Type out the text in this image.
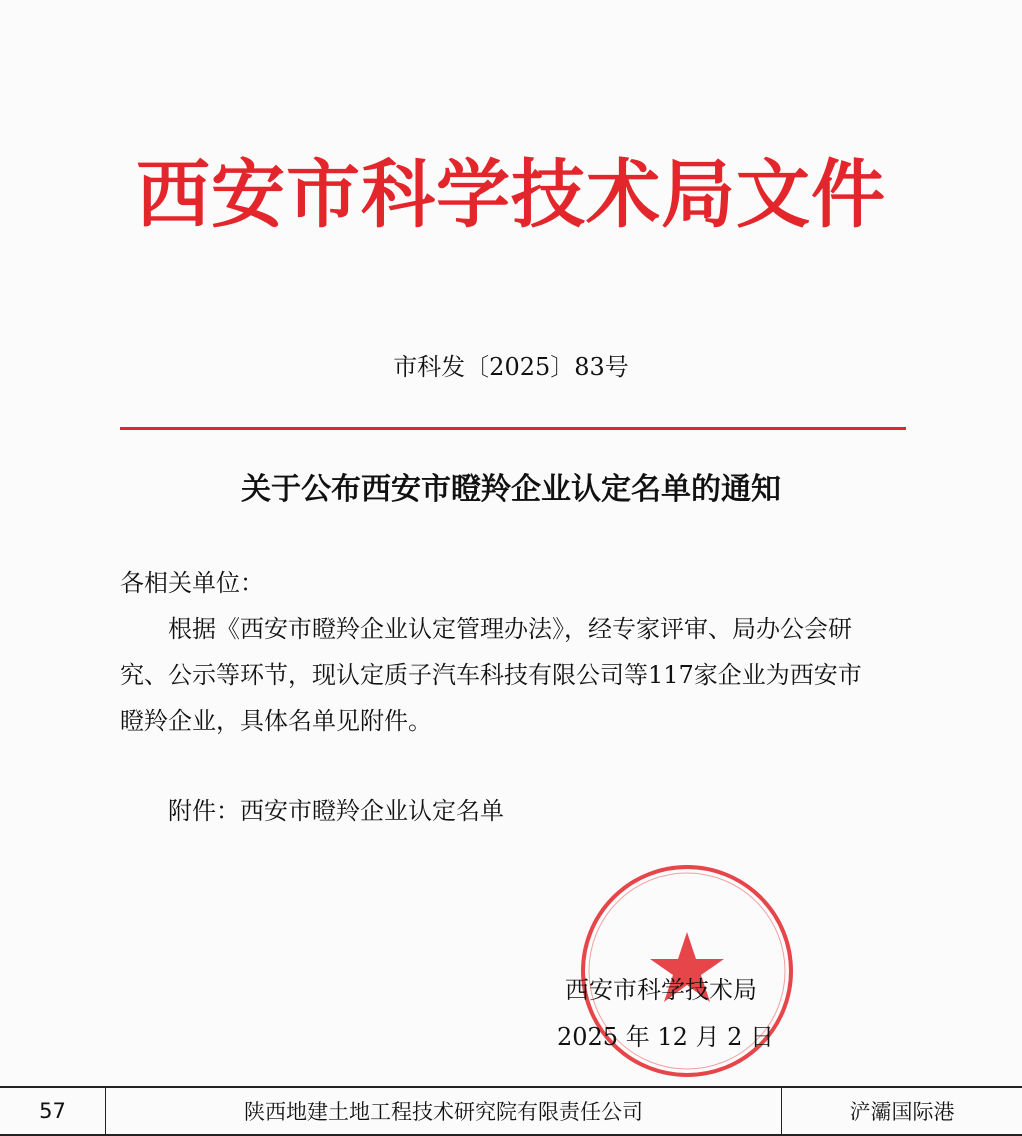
西安市科学技术局文件
市科发〔2025〕83号
关于公布西安市瞪羚企业认定名单的通知
各相关单位：
根据《西安市瞪羚企业认定管理办法》，经专家评审、局办公会研究、公示等环节，现认定质子汽车科技有限公司等117家企业为西安市瞪羚企业，具体名单见附件。
附件：西安市瞪羚企业认定名单
西安市科学技术局
2025 年 12 月 2 日
57	陕西地建土地工程技术研究院有限责任公司	浐灞国际港
